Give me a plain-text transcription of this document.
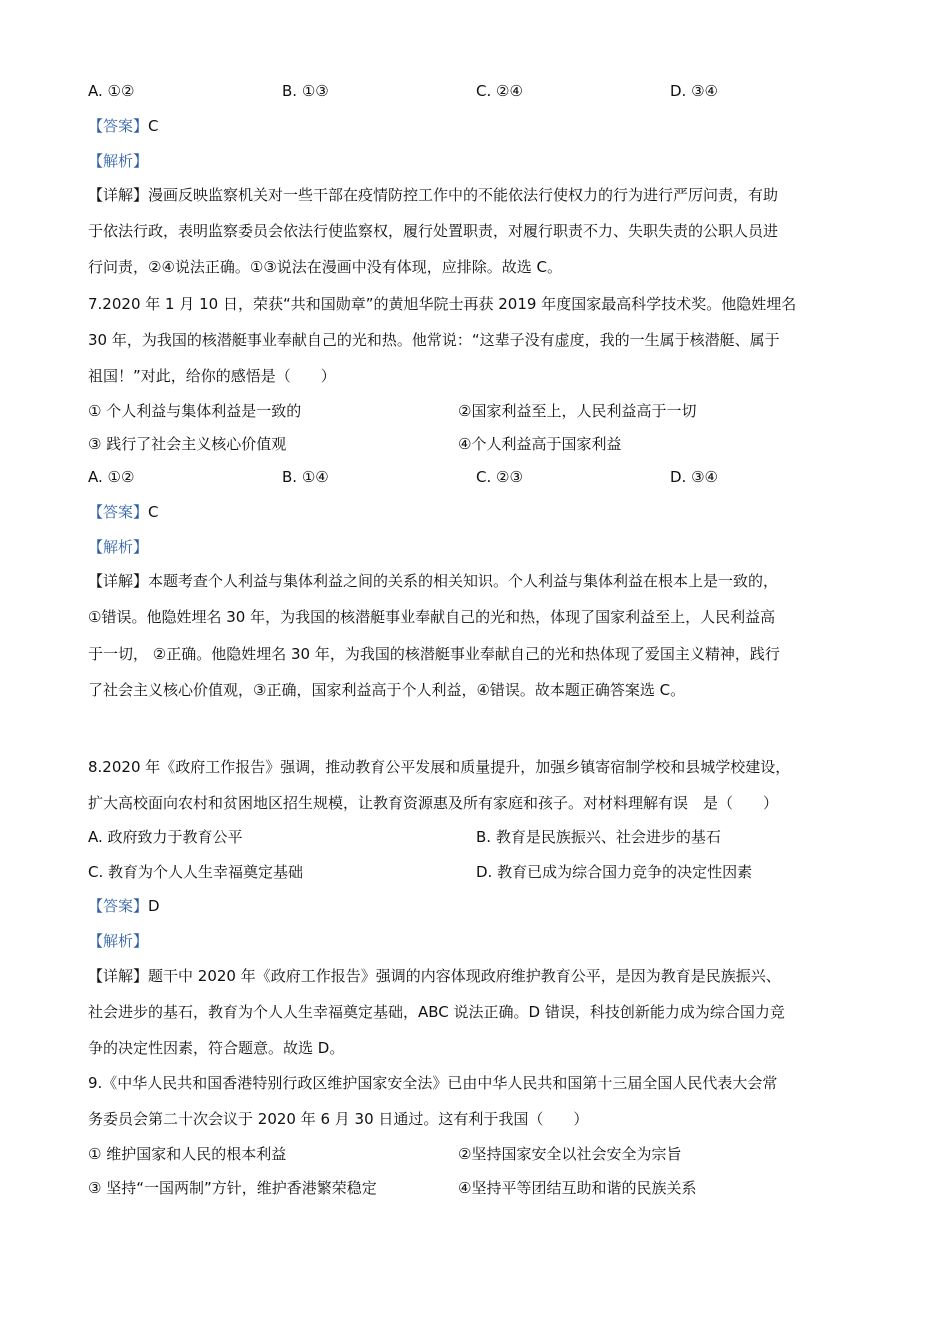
A. ①②	B. ①③	C. ②④	D. ③④
【答案】C
【解析】
【详解】漫画反映监察机关对一些干部在疫情防控工作中的不能依法行使权力的行为进行严厉问责，有助
于依法行政，表明监察委员会依法行使监察权，履行处置职责，对履行职责不力、失职失责的公职人员进
行问责，②④说法正确。①③说法在漫画中没有体现，应排除。故选 C。
7.2020 年 1 月 10 日，荣获“共和国勋章”的黄旭华院士再获 2019 年度国家最高科学技术奖。他隐姓埋名
30 年，为我国的核潜艇事业奉献自己的光和热。他常说：“这辈子没有虚度，我的一生属于核潜艇、属于
祖国！”对此，给你的感悟是（　　）
① 个人利益与集体利益是一致的	②国家利益至上，人民利益高于一切
③ 践行了社会主义核心价值观	④个人利益高于国家利益
A. ①②	B. ①④	C. ②③	D. ③④
【答案】C
【解析】
【详解】本题考查个人利益与集体利益之间的关系的相关知识。个人利益与集体利益在根本上是一致的，
①错误。他隐姓埋名 30 年，为我国的核潜艇事业奉献自己的光和热，体现了国家利益至上，人民利益高
于一切， ②正确。他隐姓埋名 30 年，为我国的核潜艇事业奉献自己的光和热体现了爱国主义精神，践行
了社会主义核心价值观，③正确，国家利益高于个人利益，④错误。故本题正确答案选 C。
8.2020 年《政府工作报告》强调，推动教育公平发展和质量提升，加强乡镇寄宿制学校和县城学校建设，
扩大高校面向农村和贫困地区招生规模，让教育资源惠及所有家庭和孩子。对材料理解有误　是（　　）
A. 政府致力于教育公平	B. 教育是民族振兴、社会进步的基石
C. 教育为个人人生幸福奠定基础	D. 教育已成为综合国力竞争的决定性因素
【答案】D
【解析】
【详解】题干中 2020 年《政府工作报告》强调的内容体现政府维护教育公平，是因为教育是民族振兴、
社会进步的基石，教育为个人人生幸福奠定基础，ABC 说法正确。D 错误，科技创新能力成为综合国力竞
争的决定性因素，符合题意。故选 D。
9.《中华人民共和国香港特别行政区维护国家安全法》已由中华人民共和国第十三届全国人民代表大会常
务委员会第二十次会议于 2020 年 6 月 30 日通过。这有利于我国（　　）
① 维护国家和人民的根本利益	②坚持国家安全以社会安全为宗旨
③ 坚持“一国两制”方针，维护香港繁荣稳定	④坚持平等团结互助和谐的民族关系
